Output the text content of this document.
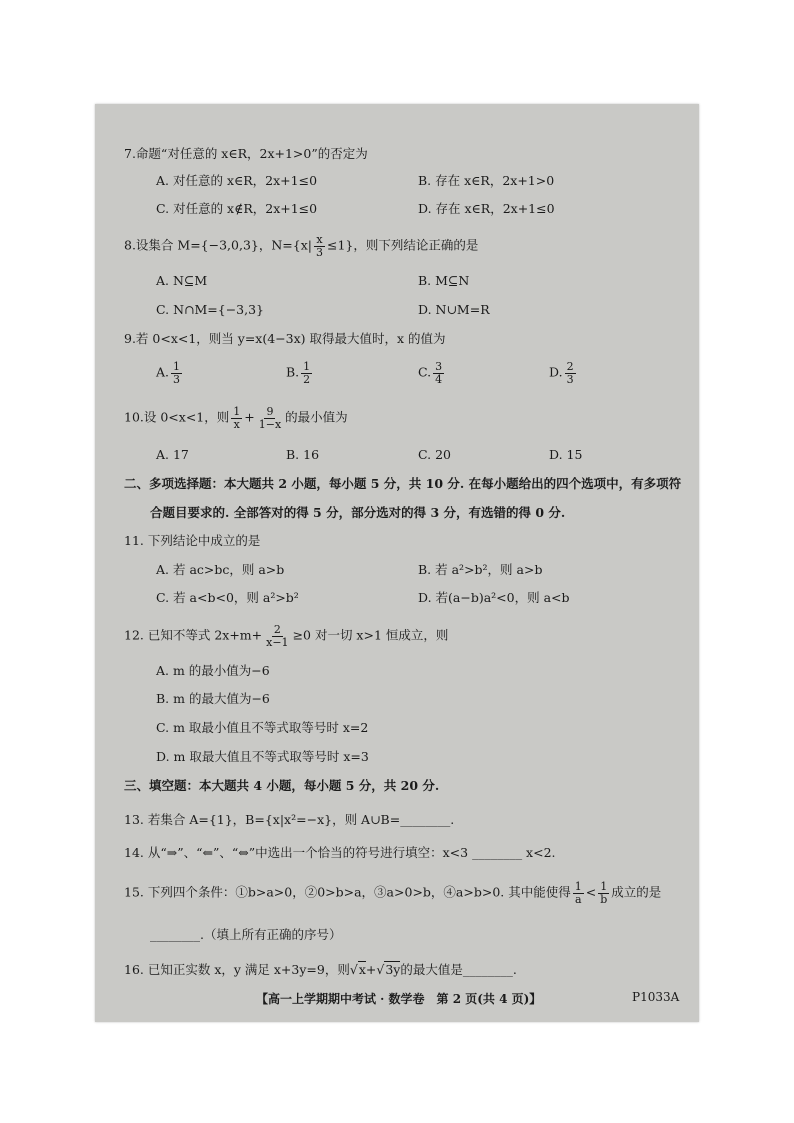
7.命题“对任意的 x∈R，2x+1>0”的否定为
A. 对任意的 x∈R，2x+1≤0	B. 存在 x∈R，2x+1>0
C. 对任意的 x∉R，2x+1≤0	D. 存在 x∈R，2x+1≤0
8.设集合 M={−3,0,3}，$N=\{x| \frac{x}{3} \le 1\}$，则下列结论正确的是
A. N⊆M	B. M⊆N
C. N∩M={−3,3}	D. N∪M=R
9.若 0<x<1，则当 y=x(4−3x) 取得最大值时，x 的值为
A. $\frac{1}{3}$	B. $\frac{1}{2}$	C. $\frac{3}{4}$	D. $\frac{2}{3}$
10.设 0<x<1，则 $\frac{1}{x} + \frac{9}{1-x}$ 的最小值为
A. 17	B. 16	C. 20	D. 15
二、多项选择题：本大题共 2 小题，每小题 5 分，共 10 分. 在每小题给出的四个选项中，有多项符
合题目要求的. 全部答对的得 5 分，部分选对的得 3 分，有选错的得 0 分.
11. 下列结论中成立的是
A. 若 ac>bc，则 a>b	B. 若 a²>b²，则 a>b
C. 若 a<b<0，则 a²>b²	D. 若(a−b)a²<0，则 a<b
12. 已知不等式 $2x+m+ \frac{2}{x-1} \ge 0$ 对一切 x>1 恒成立，则
A. m 的最小值为−6
B. m 的最大值为−6
C. m 取最小值且不等式取等号时 x=2
D. m 取最大值且不等式取等号时 x=3
三、填空题：本大题共 4 小题，每小题 5 分，共 20 分.
13. 若集合 A={1}，B={x|x²=−x}，则 A∪B=________.
14. 从“⇒”、“⇐”、“⇔”中选出一个恰当的符号进行填空：x<3 ________ x<2.
15. 下列四个条件：①b>a>0，②0>b>a，③a>0>b，④a>b>0. 其中能使得 $\frac{1}{a} < \frac{1}{b}$ 成立的是
________.（填上所有正确的序号）
16. 已知正实数 x，y 满足 x+3y=9，则√x+√3y的最大值是________.
【高一上学期期中考试 · 数学卷　第 2 页(共 4 页)】	P1033A
